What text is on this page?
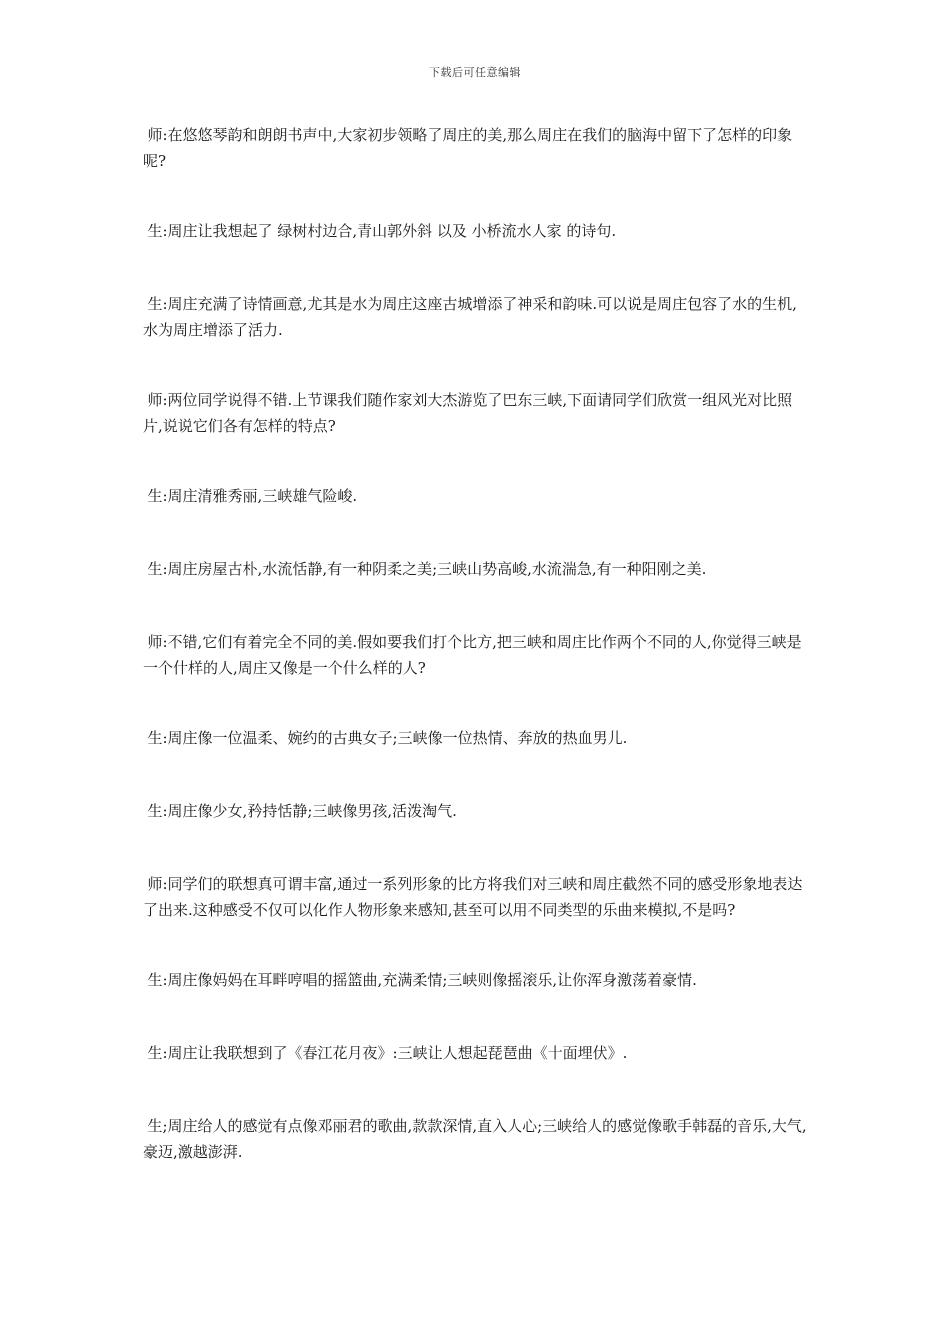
下载后可任意编辑

师:在悠悠琴韵和朗朗书声中,大家初步领略了周庄的美,那么周庄在我们的脑海中留下了怎样的印象呢?

生:周庄让我想起了 绿树村边合,青山郭外斜 以及 小桥流水人家 的诗句.

生:周庄充满了诗情画意,尤其是水为周庄这座古城增添了神采和韵味.可以说是周庄包容了水的生机,水为周庄增添了活力.

师:两位同学说得不错.上节课我们随作家刘大杰游览了巴东三峡,下面请同学们欣赏一组风光对比照片,说说它们各有怎样的特点?

生:周庄清雅秀丽,三峡雄气险峻.

生:周庄房屋古朴,水流恬静,有一种阴柔之美;三峡山势高峻,水流湍急,有一种阳刚之美.

师:不错,它们有着完全不同的美.假如要我们打个比方,把三峡和周庄比作两个不同的人,你觉得三峡是一个什样的人,周庄又像是一个什么样的人?

生:周庄像一位温柔、婉约的古典女子;三峡像一位热情、奔放的热血男儿.

生:周庄像少女,矜持恬静;三峡像男孩,活泼淘气.

师:同学们的联想真可谓丰富,通过一系列形象的比方将我们对三峡和周庄截然不同的感受形象地表达了出来.这种感受不仅可以化作人物形象来感知,甚至可以用不同类型的乐曲来模拟,不是吗?

生:周庄像妈妈在耳畔哼唱的摇篮曲,充满柔情;三峡则像摇滚乐,让你浑身激荡着豪情.

生:周庄让我联想到了《春江花月夜》:三峡让人想起琵琶曲《十面埋伏》.

生;周庄给人的感觉有点像邓丽君的歌曲,款款深情,直入人心;三峡给人的感觉像歌手韩磊的音乐,大气,豪迈,激越澎湃.
